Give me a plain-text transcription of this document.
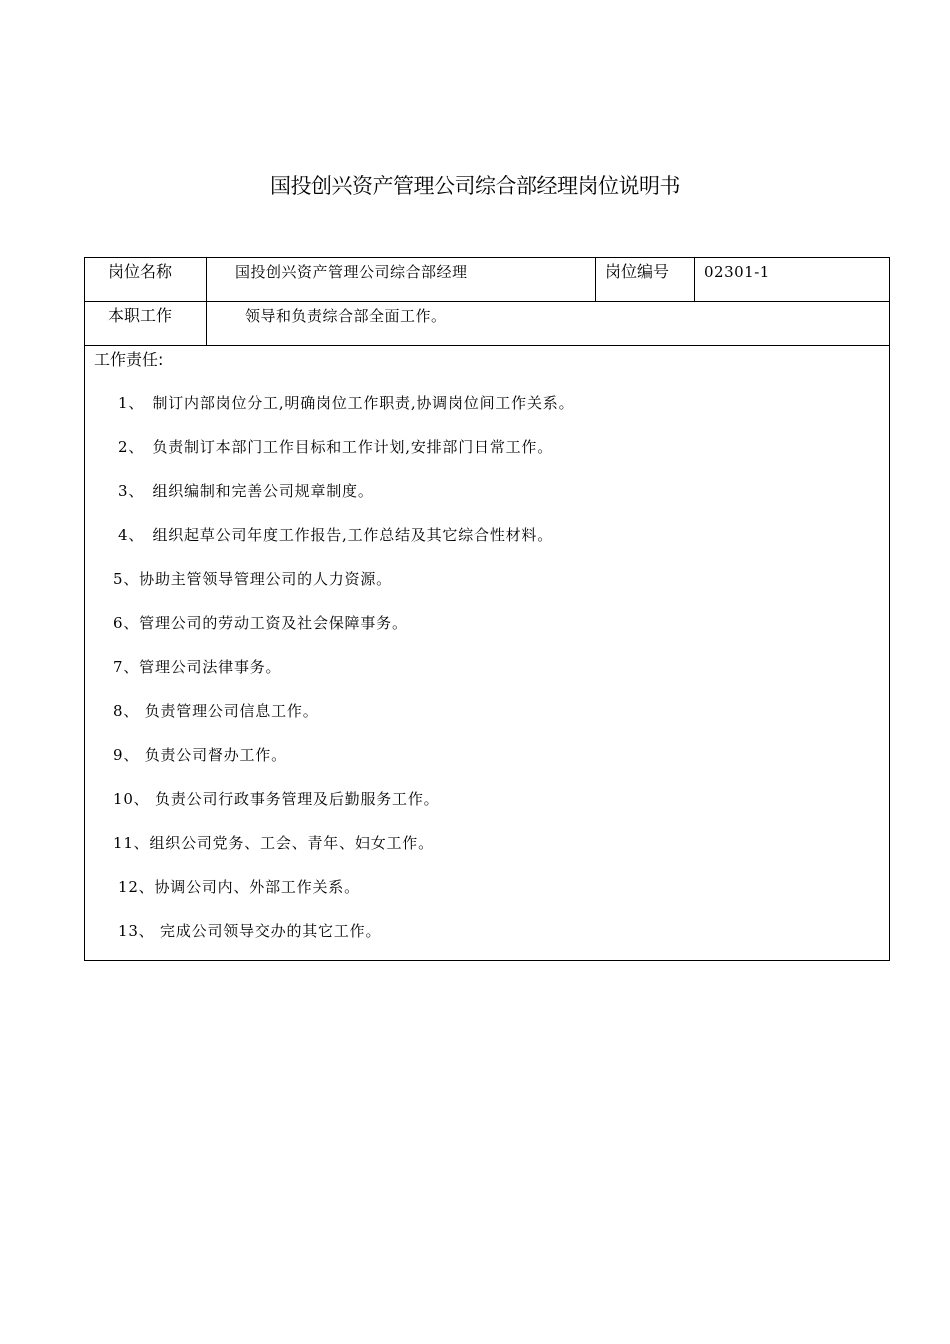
国投创兴资产管理公司综合部经理岗位说明书
岗位名称	国投创兴资产管理公司综合部经理	岗位编号 02301-1
本职工作	领导和负责综合部全面工作。
工作责任:
1、　制订内部岗位分工,明确岗位工作职责,协调岗位间工作关系。
2、　负责制订本部门工作目标和工作计划,安排部门日常工作。
3、　组织编制和完善公司规章制度。
4、　组织起草公司年度工作报告,工作总结及其它综合性材料。
5、协助主管领导管理公司的人力资源。
6、管理公司的劳动工资及社会保障事务。
7、管理公司法律事务。
8、 负责管理公司信息工作。
9、 负责公司督办工作。
10、 负责公司行政事务管理及后勤服务工作。
11、组织公司党务、工会、青年、妇女工作。
12、协调公司内、外部工作关系。
13、 完成公司领导交办的其它工作。
